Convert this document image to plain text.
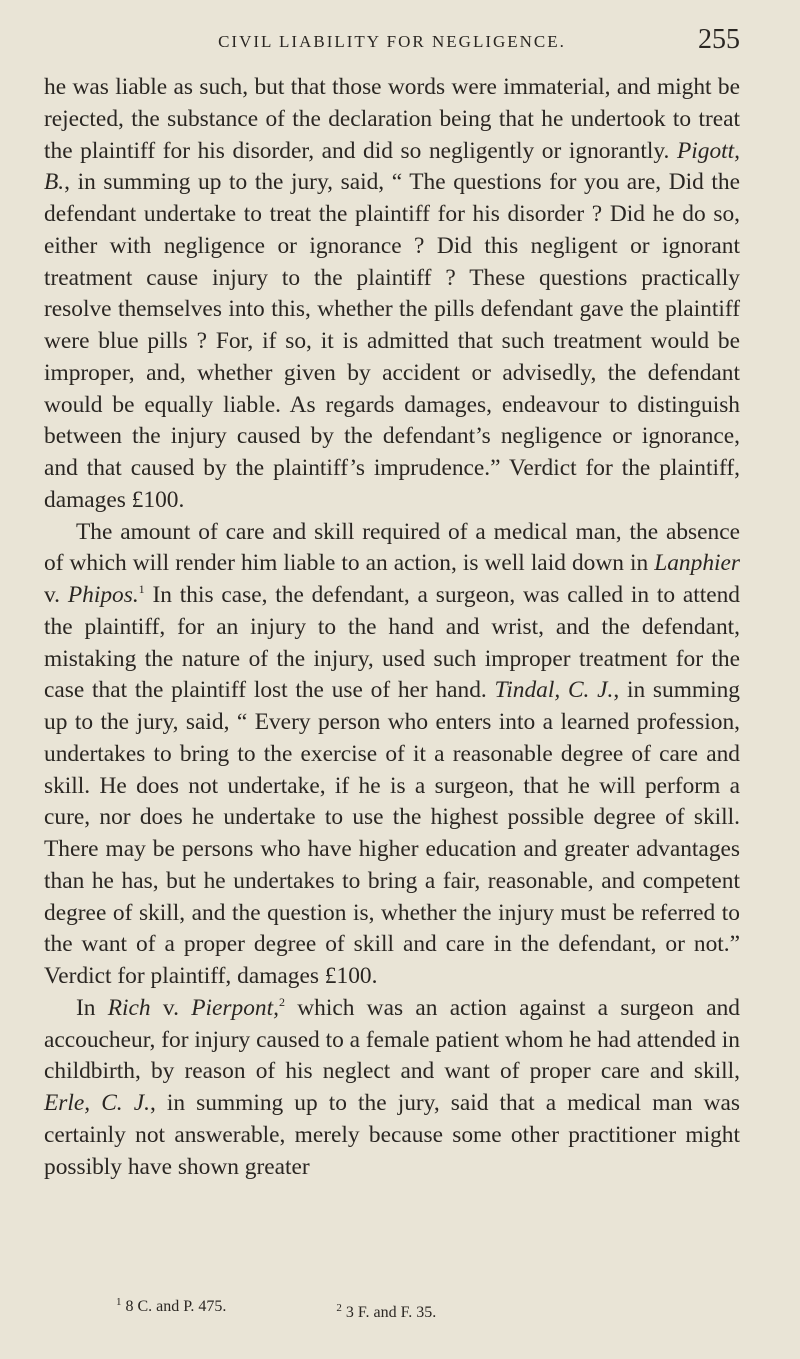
CIVIL LIABILITY FOR NEGLIGENCE.	255

he was liable as such, but that those words were immaterial, and might be rejected, the substance of the declaration being that he undertook to treat the plaintiff for his disorder, and did so negligently or ignorantly. Pigott, B., in summing up to the jury, said, “ The questions for you are, Did the defendant undertake to treat the plaintiff for his disorder ? Did he do so, either with negligence or ignorance ? Did this negligent or ignorant treatment cause injury to the plaintiff ? These questions practically resolve themselves into this, whether the pills defendant gave the plaintiff were blue pills ? For, if so, it is admitted that such treatment would be improper, and, whether given by accident or advisedly, the defendant would be equally liable. As regards damages, endeavour to distinguish between the injury caused by the defendant’s negligence or ignorance, and that caused by the plaintiff’s imprudence.” Verdict for the plaintiff, damages £100.

The amount of care and skill required of a medical man, the absence of which will render him liable to an action, is well laid down in Lanphier v. Phipos.$^1$ In this case, the defendant, a surgeon, was called in to attend the plaintiff, for an injury to the hand and wrist, and the defendant, mistaking the nature of the injury, used such improper treatment for the case that the plaintiff lost the use of her hand. Tindal, C. J., in summing up to the jury, said, “ Every person who enters into a learned profession, undertakes to bring to the exercise of it a reasonable degree of care and skill. He does not undertake, if he is a surgeon, that he will perform a cure, nor does he undertake to use the highest possible degree of skill. There may be persons who have higher education and greater advantages than he has, but he undertakes to bring a fair, reasonable, and competent degree of skill, and the question is, whether the injury must be referred to the want of a proper degree of skill and care in the defendant, or not.” Verdict for plaintiff, damages £100.

In Rich v. Pierpont,$^2$ which was an action against a surgeon and accoucheur, for injury caused to a female patient whom he had attended in childbirth, by reason of his neglect and want of proper care and skill, Erle, C. J., in summing up to the jury, said that a medical man was certainly not answerable, merely because some other practitioner might possibly have shown greater

$^1$ 8 C. and P. 475.	$^2$ 3 F. and F. 35.
